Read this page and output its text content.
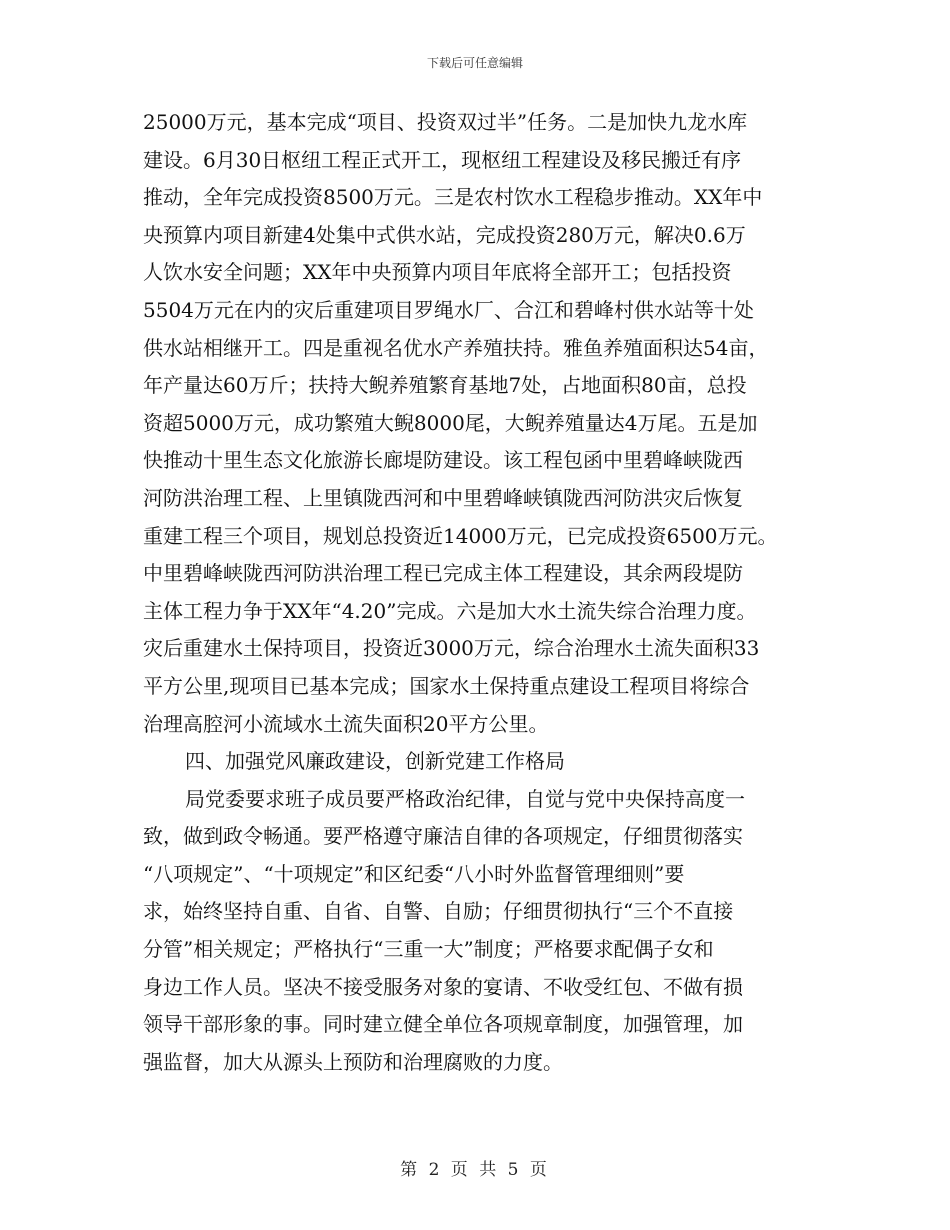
下载后可任意编辑
25000万元，基本完成“项目、投资双过半”任务。二是加快九龙水库
建设。6月30日枢纽工程正式开工，现枢纽工程建设及移民搬迁有序
推动，全年完成投资8500万元。三是农村饮水工程稳步推动。XX年中
央预算内项目新建4处集中式供水站，完成投资280万元，解决0.6万
人饮水安全问题；XX年中央预算内项目年底将全部开工；包括投资
5504万元在内的灾后重建项目罗绳水厂、合江和碧峰村供水站等十处
供水站相继开工。四是重视名优水产养殖扶持。雅鱼养殖面积达54亩，
年产量达60万斤；扶持大鲵养殖繁育基地7处，占地面积80亩，总投
资超5000万元，成功繁殖大鲵8000尾，大鲵养殖量达4万尾。五是加
快推动十里生态文化旅游长廊堤防建设。该工程包函中里碧峰峡陇西
河防洪治理工程、上里镇陇西河和中里碧峰峡镇陇西河防洪灾后恢复
重建工程三个项目，规划总投资近14000万元，已完成投资6500万元。
中里碧峰峡陇西河防洪治理工程已完成主体工程建设，其余两段堤防
主体工程力争于XX年“4.20”完成。六是加大水土流失综合治理力度。
灾后重建水土保持项目，投资近3000万元，综合治理水土流失面积33
平方公里,现项目已基本完成；国家水土保持重点建设工程项目将综合
治理高腔河小流域水土流失面积20平方公里。
四、加强党风廉政建设，创新党建工作格局
局党委要求班子成员要严格政治纪律，自觉与党中央保持高度一
致，做到政令畅通。要严格遵守廉洁自律的各项规定，仔细贯彻落实
“八项规定”、“十项规定”和区纪委“八小时外监督管理细则”要
求，始终坚持自重、自省、自警、自励；仔细贯彻执行“三个不直接
分管”相关规定；严格执行“三重一大”制度；严格要求配偶子女和
身边工作人员。坚决不接受服务对象的宴请、不收受红包、不做有损
领导干部形象的事。同时建立健全单位各项规章制度，加强管理，加
强监督，加大从源头上预防和治理腐败的力度。
第 2 页 共 5 页
